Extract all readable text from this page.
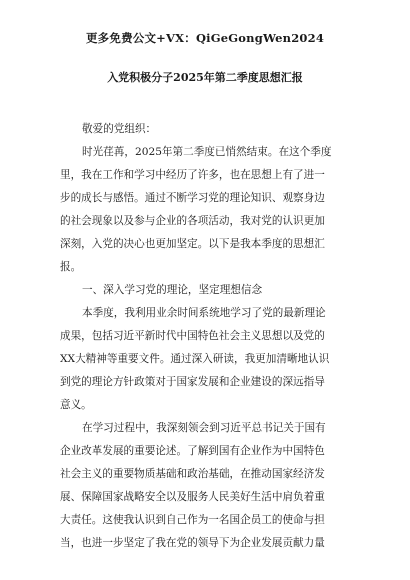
更多免费公文+VX：QiGeGongWen2024
入党积极分子2025年第二季度思想汇报
敬爱的党组织：
时光荏苒，2025年第二季度已悄然结束。在这个季度
里，我在工作和学习中经历了许多，也在思想上有了进一
步的成长与感悟。通过不断学习党的理论知识、观察身边
的社会现象以及参与企业的各项活动，我对党的认识更加
深刻，入党的决心也更加坚定。以下是我本季度的思想汇
报。
一、深入学习党的理论，坚定理想信念
本季度，我利用业余时间系统地学习了党的最新理论
成果，包括习近平新时代中国特色社会主义思想以及党的
XX大精神等重要文件。通过深入研读，我更加清晰地认识
到党的理论方针政策对于国家发展和企业建设的深远指导
意义。
在学习过程中，我深刻领会到习近平总书记关于国有
企业改革发展的重要论述。了解到国有企业作为中国特色
社会主义的重要物质基础和政治基础，在推动国家经济发
展、保障国家战略安全以及服务人民美好生活中肩负着重
大责任。这使我认识到自己作为一名国企员工的使命与担
当，也进一步坚定了我在党的领导下为企业发展贡献力量
